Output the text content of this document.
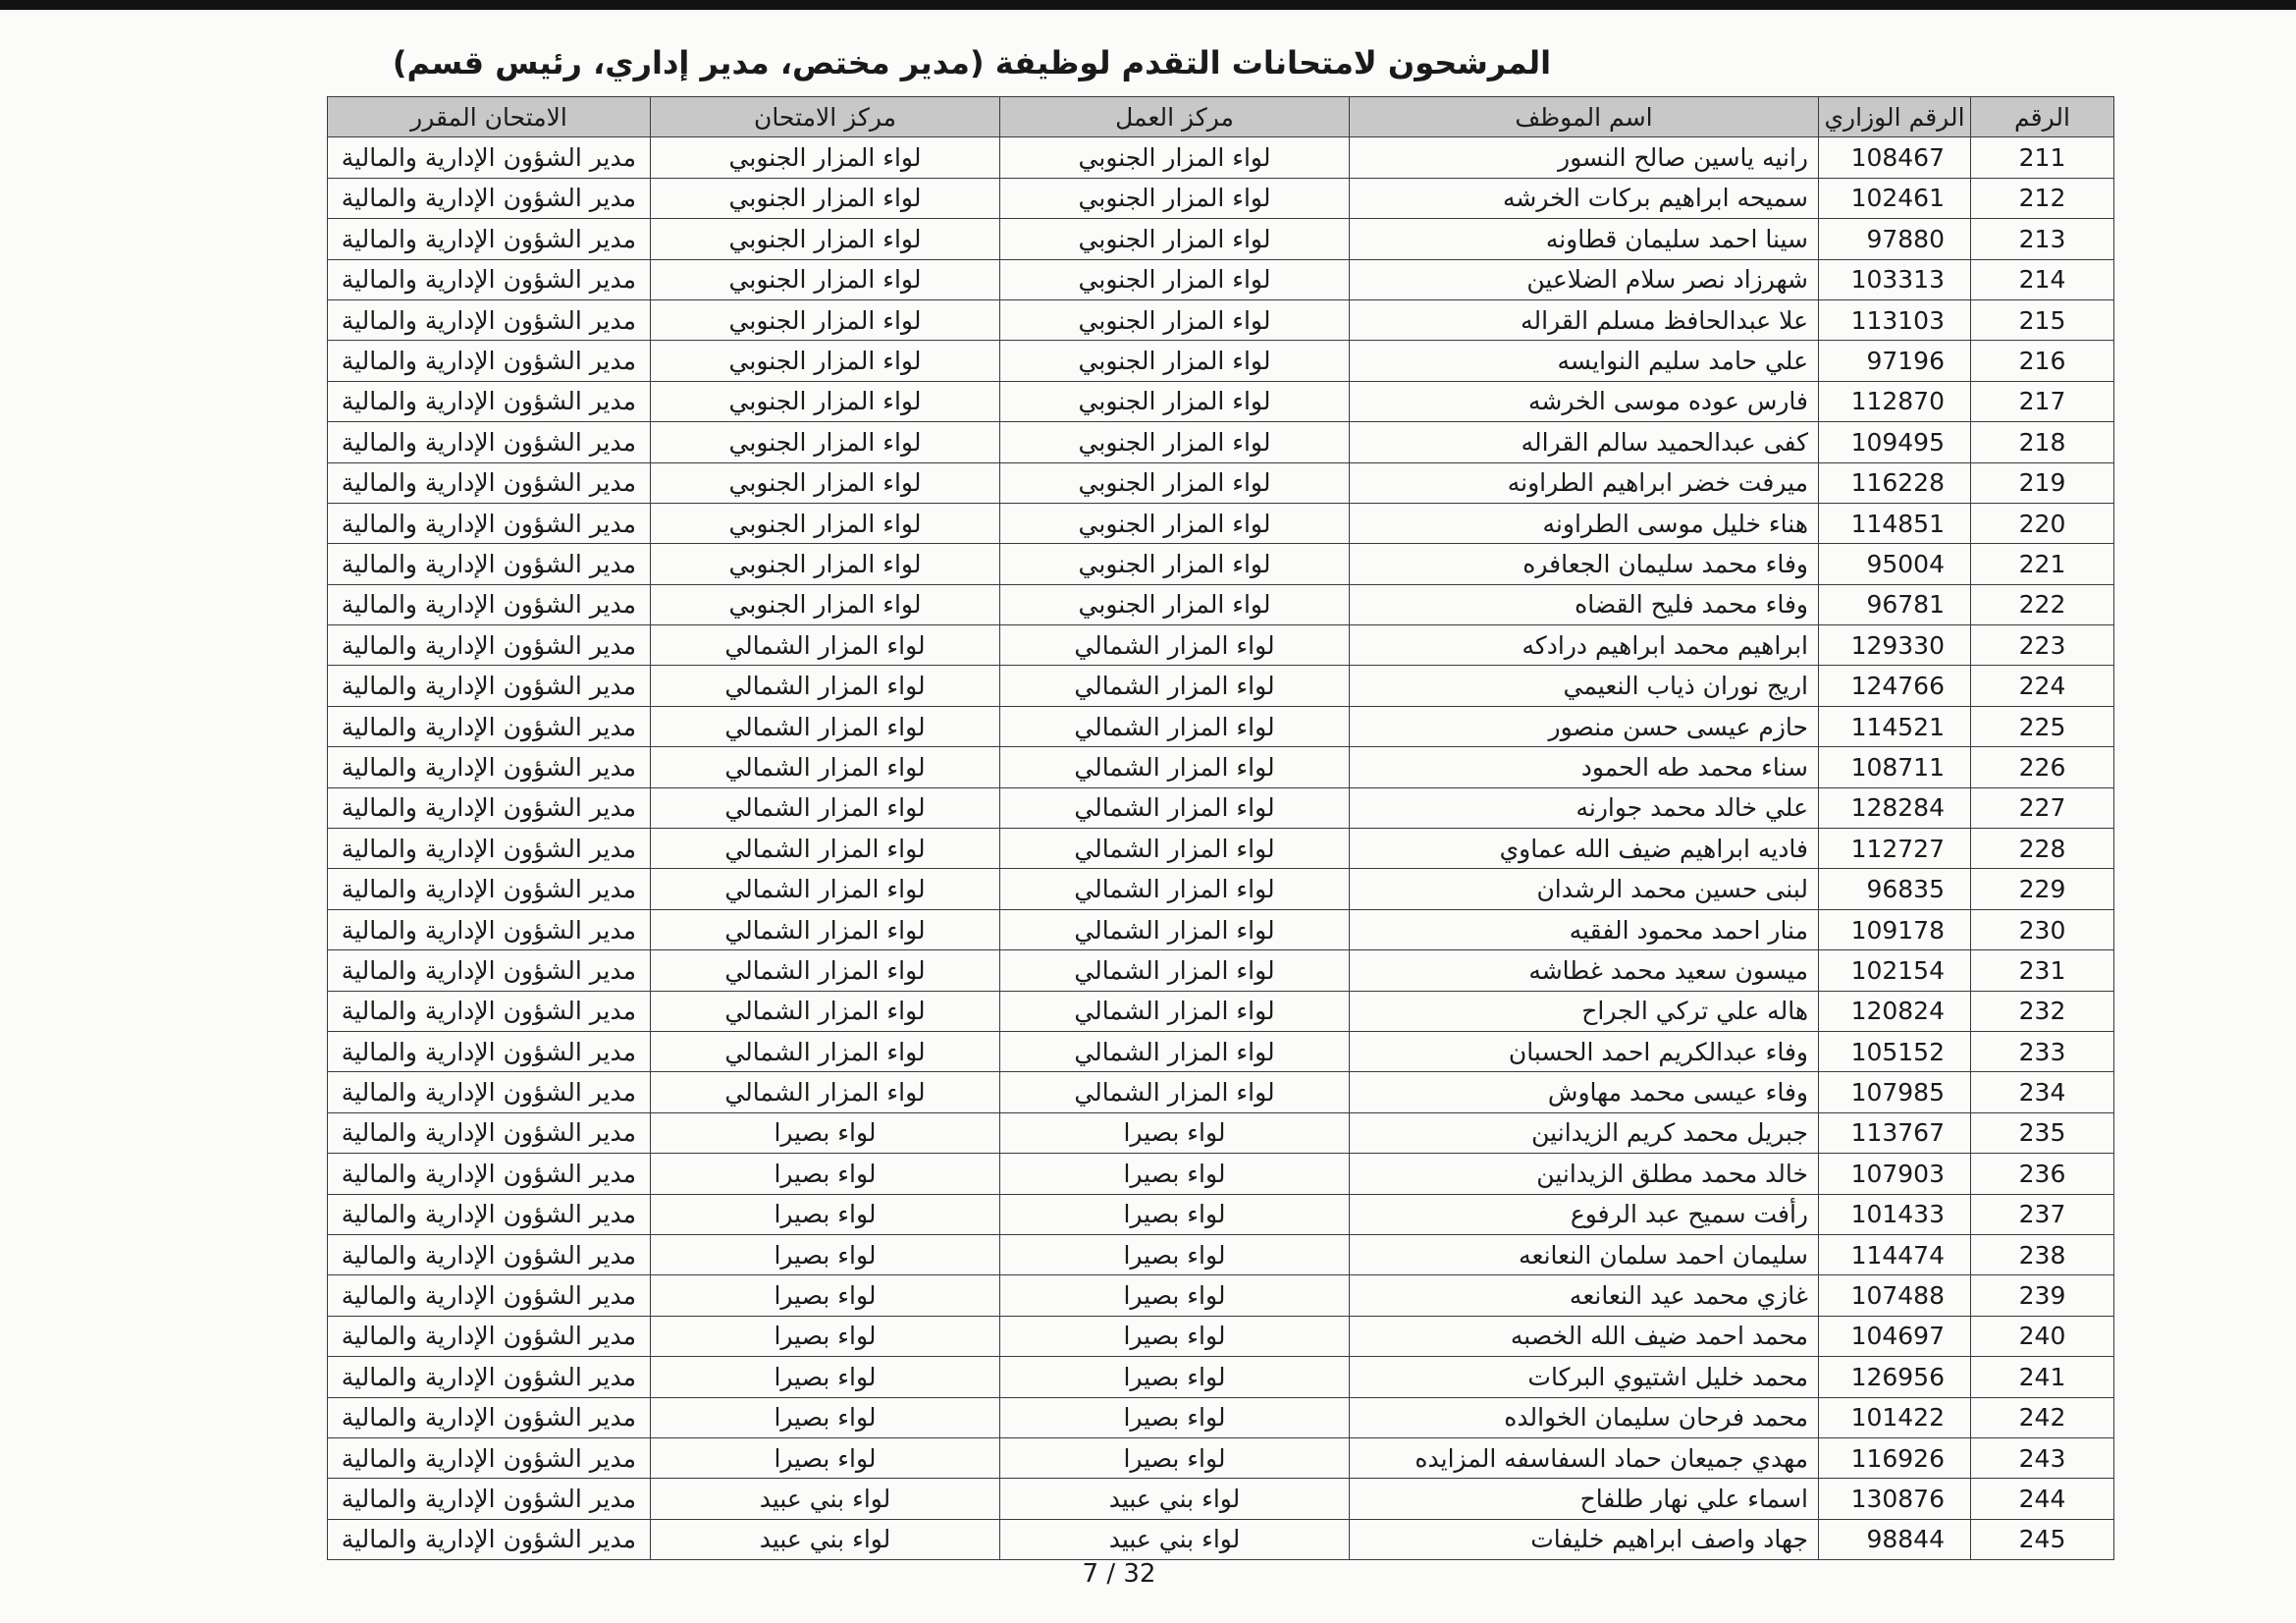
المرشحون لامتحانات التقدم لوظيفة (مدير مختص، مدير إداري، رئيس قسم)
الرقم	الرقم الوزاري	اسم الموظف	مركز العمل	مركز الامتحان	الامتحان المقرر
211	108467	رانيه ياسين صالح النسور	لواء المزار الجنوبي	لواء المزار الجنوبي	مدير الشؤون الإدارية والمالية
212	102461	سميحه ابراهيم بركات الخرشه	لواء المزار الجنوبي	لواء المزار الجنوبي	مدير الشؤون الإدارية والمالية
213	97880	سينا احمد سليمان قطاونه	لواء المزار الجنوبي	لواء المزار الجنوبي	مدير الشؤون الإدارية والمالية
214	103313	شهرزاد نصر سلام الضلاعين	لواء المزار الجنوبي	لواء المزار الجنوبي	مدير الشؤون الإدارية والمالية
215	113103	علا عبدالحافظ مسلم القراله	لواء المزار الجنوبي	لواء المزار الجنوبي	مدير الشؤون الإدارية والمالية
216	97196	علي حامد سليم النوايسه	لواء المزار الجنوبي	لواء المزار الجنوبي	مدير الشؤون الإدارية والمالية
217	112870	فارس عوده موسى الخرشه	لواء المزار الجنوبي	لواء المزار الجنوبي	مدير الشؤون الإدارية والمالية
218	109495	كفى عبدالحميد سالم القراله	لواء المزار الجنوبي	لواء المزار الجنوبي	مدير الشؤون الإدارية والمالية
219	116228	ميرفت خضر ابراهيم الطراونه	لواء المزار الجنوبي	لواء المزار الجنوبي	مدير الشؤون الإدارية والمالية
220	114851	هناء خليل موسى الطراونه	لواء المزار الجنوبي	لواء المزار الجنوبي	مدير الشؤون الإدارية والمالية
221	95004	وفاء محمد سليمان الجعافره	لواء المزار الجنوبي	لواء المزار الجنوبي	مدير الشؤون الإدارية والمالية
222	96781	وفاء محمد فليح القضاه	لواء المزار الجنوبي	لواء المزار الجنوبي	مدير الشؤون الإدارية والمالية
223	129330	ابراهيم محمد ابراهيم درادكه	لواء المزار الشمالي	لواء المزار الشمالي	مدير الشؤون الإدارية والمالية
224	124766	اريج نوران ذياب النعيمي	لواء المزار الشمالي	لواء المزار الشمالي	مدير الشؤون الإدارية والمالية
225	114521	حازم عيسى حسن منصور	لواء المزار الشمالي	لواء المزار الشمالي	مدير الشؤون الإدارية والمالية
226	108711	سناء محمد طه الحمود	لواء المزار الشمالي	لواء المزار الشمالي	مدير الشؤون الإدارية والمالية
227	128284	علي خالد محمد جوارنه	لواء المزار الشمالي	لواء المزار الشمالي	مدير الشؤون الإدارية والمالية
228	112727	فاديه ابراهيم ضيف الله عماوي	لواء المزار الشمالي	لواء المزار الشمالي	مدير الشؤون الإدارية والمالية
229	96835	لبنى حسين محمد الرشدان	لواء المزار الشمالي	لواء المزار الشمالي	مدير الشؤون الإدارية والمالية
230	109178	منار احمد محمود الفقيه	لواء المزار الشمالي	لواء المزار الشمالي	مدير الشؤون الإدارية والمالية
231	102154	ميسون سعيد محمد غطاشه	لواء المزار الشمالي	لواء المزار الشمالي	مدير الشؤون الإدارية والمالية
232	120824	هاله علي تركي الجراح	لواء المزار الشمالي	لواء المزار الشمالي	مدير الشؤون الإدارية والمالية
233	105152	وفاء عبدالكريم احمد الحسبان	لواء المزار الشمالي	لواء المزار الشمالي	مدير الشؤون الإدارية والمالية
234	107985	وفاء عيسى محمد مهاوش	لواء المزار الشمالي	لواء المزار الشمالي	مدير الشؤون الإدارية والمالية
235	113767	جبريل محمد كريم الزيدانين	لواء بصيرا	لواء بصيرا	مدير الشؤون الإدارية والمالية
236	107903	خالد محمد مطلق الزيدانين	لواء بصيرا	لواء بصيرا	مدير الشؤون الإدارية والمالية
237	101433	رأفت سميح عبد الرفوع	لواء بصيرا	لواء بصيرا	مدير الشؤون الإدارية والمالية
238	114474	سليمان احمد سلمان النعانعه	لواء بصيرا	لواء بصيرا	مدير الشؤون الإدارية والمالية
239	107488	غازي محمد عيد النعانعه	لواء بصيرا	لواء بصيرا	مدير الشؤون الإدارية والمالية
240	104697	محمد احمد ضيف الله الخصبه	لواء بصيرا	لواء بصيرا	مدير الشؤون الإدارية والمالية
241	126956	محمد خليل اشتيوي البركات	لواء بصيرا	لواء بصيرا	مدير الشؤون الإدارية والمالية
242	101422	محمد فرحان سليمان الخوالده	لواء بصيرا	لواء بصيرا	مدير الشؤون الإدارية والمالية
243	116926	مهدي جميعان حماد السفاسفه المزايده	لواء بصيرا	لواء بصيرا	مدير الشؤون الإدارية والمالية
244	130876	اسماء علي نهار طلفاح	لواء بني عبيد	لواء بني عبيد	مدير الشؤون الإدارية والمالية
245	98844	جهاد واصف ابراهيم خليفات	لواء بني عبيد	لواء بني عبيد	مدير الشؤون الإدارية والمالية
7 / 32
